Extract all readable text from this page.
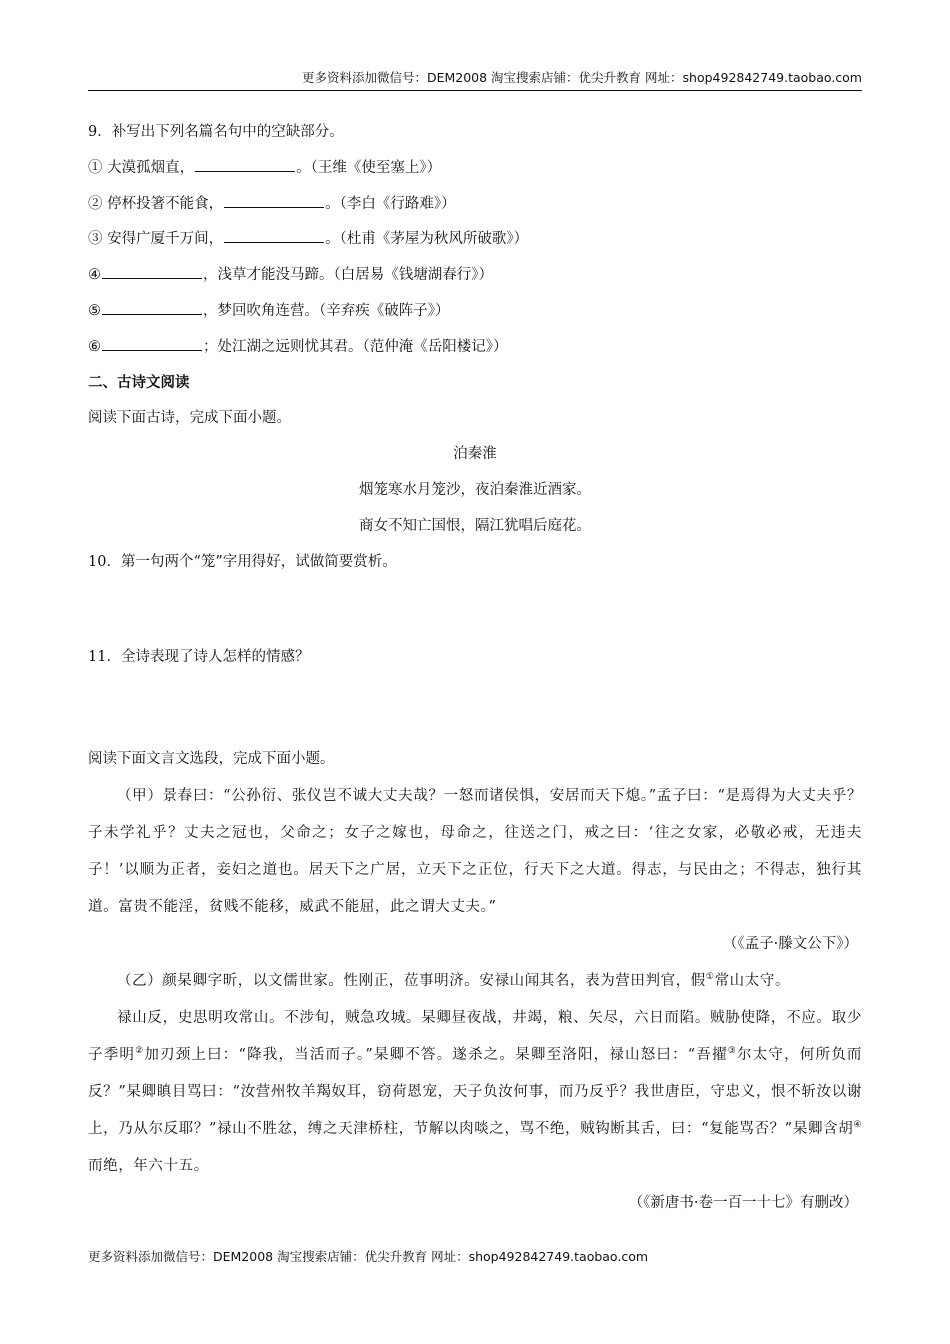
更多资料添加微信号：DEM2008 淘宝搜索店铺：优尖升教育 网址：shop492842749.taobao.com
9．补写出下列名篇名句中的空缺部分。
① 大漠孤烟直，	。（王维《使至塞上》）
② 停杯投箸不能食，	。（李白《行路难》）
③ 安得广厦千万间，	。（杜甫《茅屋为秋风所破歌》）
④	，浅草才能没马蹄。（白居易《钱塘湖春行》）
⑤	，梦回吹角连营。（辛弃疾《破阵子》）
⑥	；处江湖之远则忧其君。（范仲淹《岳阳楼记》）
二、古诗文阅读
阅读下面古诗，完成下面小题。
泊秦淮
烟笼寒水月笼沙，夜泊秦淮近酒家。
商女不知亡国恨，隔江犹唱后庭花。
10．第一句两个“笼”字用得好，试做简要赏析。
11．全诗表现了诗人怎样的情感？
阅读下面文言文选段，完成下面小题。
（甲）景春曰：“公孙衍、张仪岂不诚大丈夫哉？一怒而诸侯惧，安居而天下熄。”孟子曰：“是焉得为大丈夫乎？子未学礼乎？丈夫之冠也，父命之；女子之嫁也，母命之，往送之门，戒之曰：‘往之女家，必敬必戒，无违夫子！’以顺为正者，妾妇之道也。居天下之广居，立天下之正位，行天下之大道。得志，与民由之；不得志，独行其道。富贵不能淫，贫贱不能移，威武不能屈，此之谓大丈夫。”
（《孟子·滕文公下》）
（乙）颜杲卿字昕，以文儒世家。性刚正，莅事明济。安禄山闻其名，表为营田判官，假①常山太守。
禄山反，史思明攻常山。不涉旬，贼急攻城。杲卿昼夜战，井竭，粮、矢尽，六日而陷。贼胁使降，不应。取少子季明②加刃颈上曰：“降我，当活而子。”杲卿不答。遂杀之。杲卿至洛阳，禄山怒曰：“吾擢③尔太守，何所负而反？”杲卿瞋目骂曰：“汝营州牧羊羯奴耳，窃荷恩宠，天子负汝何事，而乃反乎？我世唐臣，守忠义，恨不斩汝以谢上，乃从尔反耶？”禄山不胜忿，缚之天津桥柱，节解以肉啖之，骂不绝，贼钩断其舌，曰：“复能骂否？”杲卿含胡④而绝，年六十五。
（《新唐书·卷一百一十七》有删改）
更多资料添加微信号：DEM2008 淘宝搜索店铺：优尖升教育 网址：shop492842749.taobao.com
